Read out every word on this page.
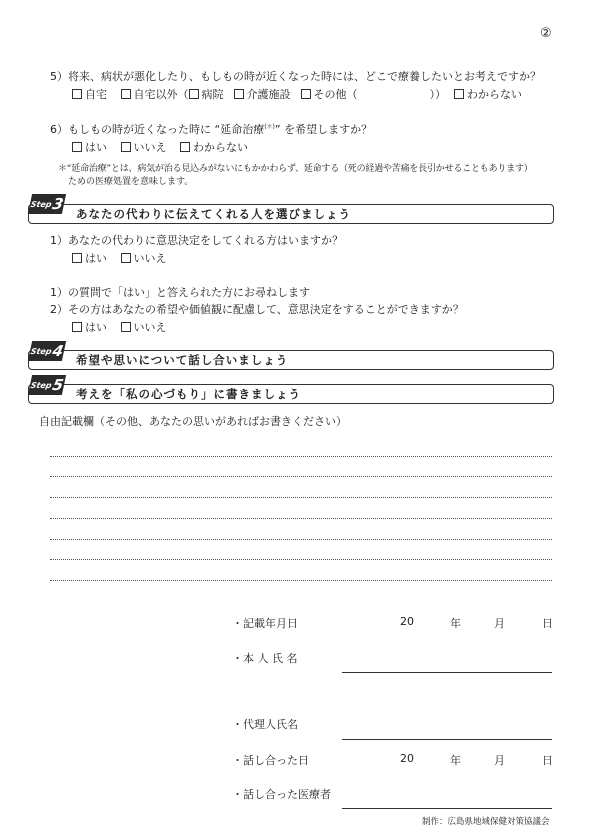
②
5）将来、病状が悪化したり、もしもの時が近くなった時には、どこで療養したいとお考えですか？
自宅 自宅以外（ 病院 介護施設 その他（	）） わからない
6）もしもの時が近くなった時に “延命治療(＊)” を希望しますか？
はい いいえ わからない
＊“延命治療”とは、病気が治る見込みがないにもかかわらず、延命する（死の経過や苦痛を長引かせることもあります）
ための医療処置を意味します。
Step
3
あなたの代わりに伝えてくれる人を選びましょう
1）あなたの代わりに意思決定をしてくれる方はいますか？
はい いいえ
1）の質問で「はい」と答えられた方にお尋ねします
2）その方はあなたの希望や価値観に配慮して、意思決定をすることができますか？
はい いいえ
Step
4 希望や思いについて話し合いましょう
Step
5 考えを「私の心づもり」に書きましょう
自由記載欄（その他、あなたの思いがあればお書きください）
・記載年月日	20	年	月	日
・本 人 氏 名
・代理人氏名
・話し合った日	20	年	月	日
・話し合った医療者
制作：広島県地域保健対策協議会
